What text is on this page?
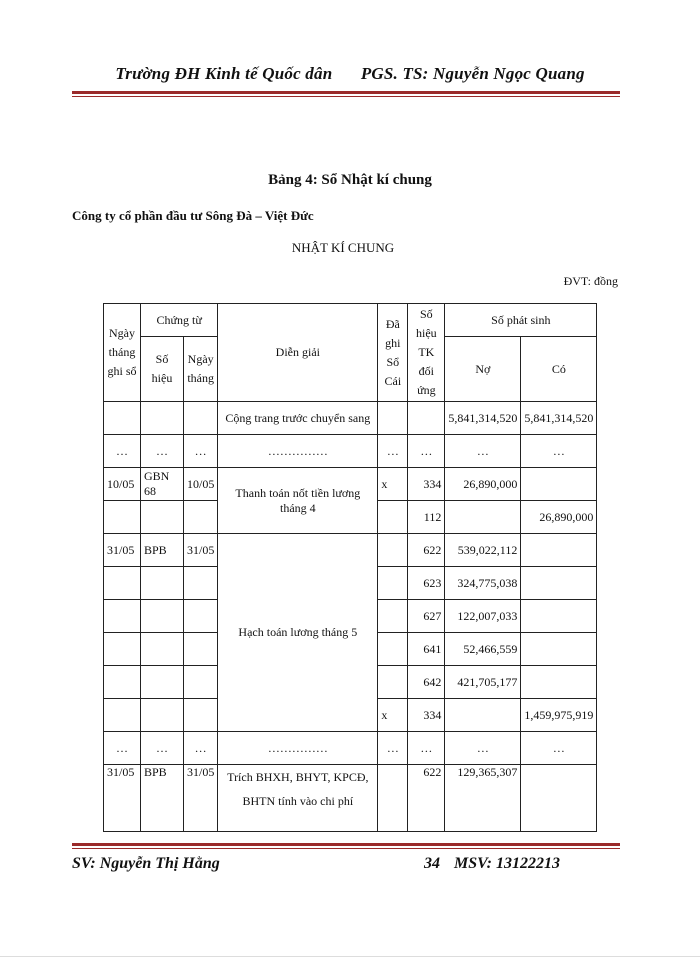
Trường ĐH Kinh tế Quốc dân PGS. TS: Nguyễn Ngọc Quang
Bảng 4: Sổ Nhật kí chung
Công ty cổ phần đầu tư Sông Đà – Việt Đức
NHẬT KÍ CHUNG
ĐVT: đồng
Ngày tháng ghi sổ	Chứng từ		Diễn giải	Đã ghi Sổ Cái	Số hiệu TK đối ứng	Số phát sinh	
	Số hiệu	Ngày tháng				Nợ	Có
			Cộng trang trước chuyển sang			5,841,314,520	5,841,314,520
…	…	…	……………	…	…	…	…
10/05	GBN 68	10/05	Thanh toán nốt tiền lương tháng 4	x	334	26,890,000	
					112		26,890,000
31/05	BPB	31/05	Hạch toán lương tháng 5		622	539,022,112	
					623	324,775,038	
					627	122,007,033	
					641	52,466,559	
					642	421,705,177	
				x	334		1,459,975,919
…	…	…	……………	…	…	…	…
31/05	BPB	31/05	Trích BHXH, BHYT, KPCĐ, BHTN tính vào chi phí		622	129,365,307	
SV: Nguyễn Thị Hằng	34 MSV: 13122213
